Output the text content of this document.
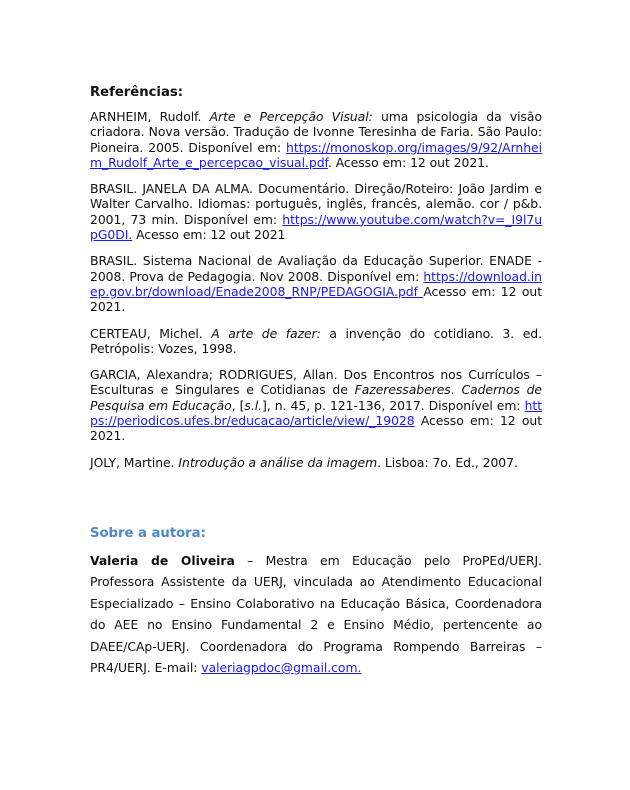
Referências:

ARNHEIM, Rudolf. Arte e Percepção Visual: uma psicologia da visão criadora. Nova versão. Tradução de Ivonne Teresinha de Faria. São Paulo: Pioneira. 2005. Disponível em: https://monoskop.org/images/9/92/Arnheim_Rudolf_Arte_e_percepcao_visual.pdf. Acesso em: 12 out 2021.

BRASIL. JANELA DA ALMA. Documentário. Direção/Roteiro: João Jardim e Walter Carvalho. Idiomas: português, inglês, francês, alemão. cor / p&b. 2001, 73 min. Disponível em: https://www.youtube.com/watch?v=_I9l7upG0DI. Acesso em: 12 out 2021

BRASIL. Sistema Nacional de Avaliação da Educação Superior. ENADE - 2008. Prova de Pedagogia. Nov 2008. Disponível em: https://download.inep.gov.br/download/Enade2008_RNP/PEDAGOGIA.pdf Acesso em: 12 out 2021.

CERTEAU, Michel. A arte de fazer: a invenção do cotidiano. 3. ed. Petrópolis: Vozes, 1998.

GARCIA, Alexandra; RODRIGUES, Allan. Dos Encontros nos Currículos – Esculturas e Singulares e Cotidianas de Fazeressaberes. Cadernos de Pesquisa em Educação, [s.l.], n. 45, p. 121-136, 2017. Disponível em: https://periodicos.ufes.br/educacao/article/view/_19028 Acesso em: 12 out 2021.

JOLY, Martine. Introdução a análise da imagem. Lisboa: 7o. Ed., 2007.

Sobre a autora:

Valeria de Oliveira – Mestra em Educação pelo ProPEd/UERJ. Professora Assistente da UERJ, vinculada ao Atendimento Educacional Especializado – Ensino Colaborativo na Educação Básica, Coordenadora do AEE no Ensino Fundamental 2 e Ensino Médio, pertencente ao DAEE/CAp-UERJ. Coordenadora do Programa Rompendo Barreiras – PR4/UERJ. E-mail: valeriagpdoc@gmail.com.
